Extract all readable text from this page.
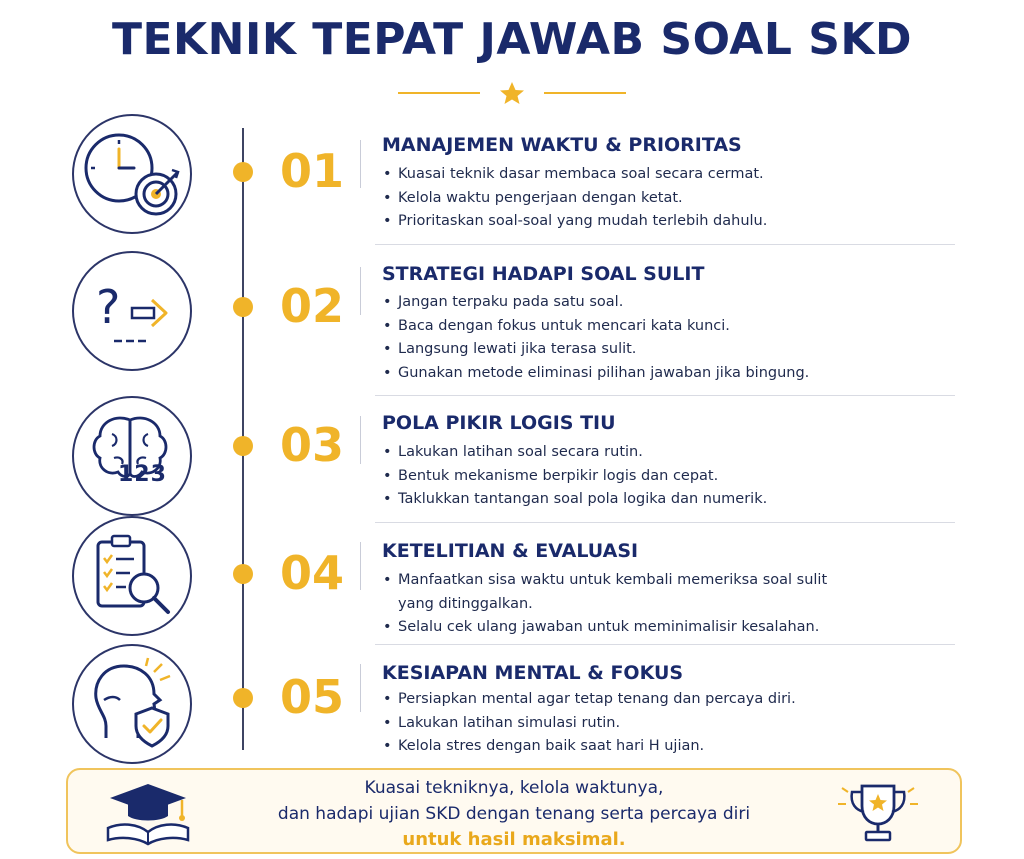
TEKNIK TEPAT JAWAB SOAL SKD
01 MANAJEMEN WAKTU & PRIORITAS
• Kuasai teknik dasar membaca soal secara cermat.
• Kelola waktu pengerjaan dengan ketat.
• Prioritaskan soal-soal yang mudah terlebih dahulu.
?	02
STRATEGI HADAPI SOAL SULIT
• Jangan terpaku pada satu soal.
• Baca dengan fokus untuk mencari kata kunci.
• Langsung lewati jika terasa sulit.
• Gunakan metode eliminasi pilihan jawaban jika bingung.
123
03 POLA PIKIR LOGIS TIU
• Lakukan latihan soal secara rutin.
• Bentuk mekanisme berpikir logis dan cepat.
• Taklukkan tantangan soal pola logika dan numerik.
04 KETELITIAN & EVALUASI
• Manfaatkan sisa waktu untuk kembali memeriksa soal sulit
yang ditinggalkan.
• Selalu cek ulang jawaban untuk meminimalisir kesalahan.
05 KESIAPAN MENTAL & FOKUS
• Persiapkan mental agar tetap tenang dan percaya diri.
• Lakukan latihan simulasi rutin.
• Kelola stres dengan baik saat hari H ujian.
Kuasai tekniknya, kelola waktunya,
dan hadapi ujian SKD dengan tenang serta percaya diri
untuk hasil maksimal.
